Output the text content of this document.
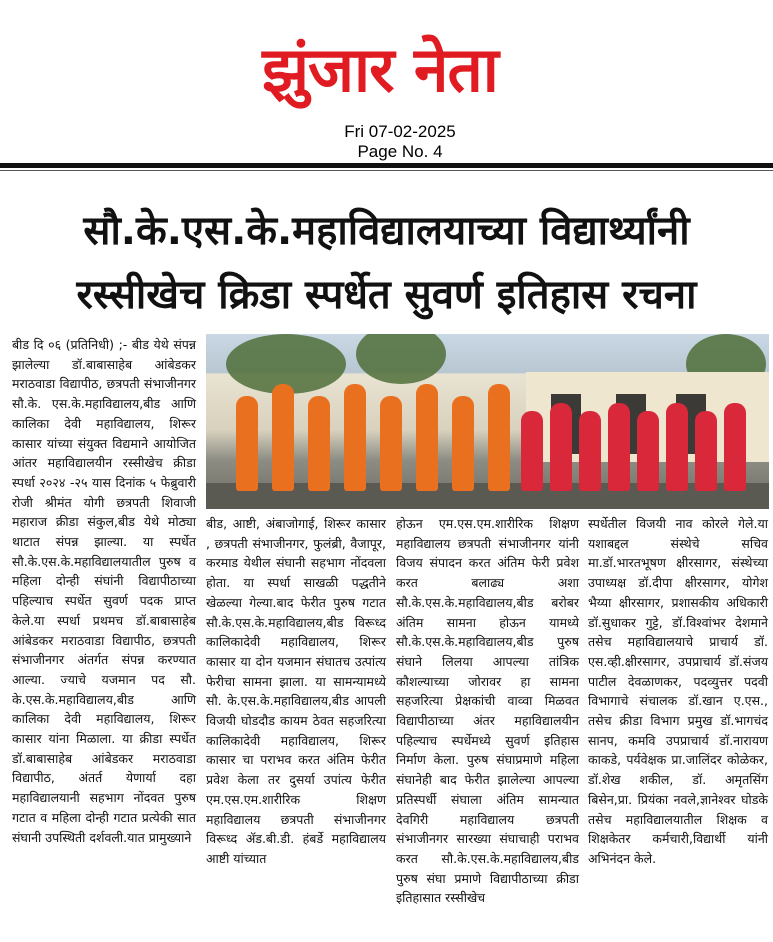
झुंजार नेता
Fri 07-02-2025
Page No. 4
सौ.के.एस.के.महाविद्यालयाच्या विद्यार्थ्यांनी
रस्सीखेच क्रिडा स्पर्धेत सुवर्ण इतिहास रचना

बीड दि ०६ (प्रतिनिधी) ;- बीड येथे संपन्न झालेल्या डॉ.बाबासाहेब आंबेडकर मराठवाडा विद्यापीठ, छत्रपती संभाजीनगर सौ.के. एस.के.महाविद्यालय,बीड आणि कालिका देवी महाविद्यालय, शिरूर कासार यांच्या संयुक्त विद्यमाने आयोजित आंतर महाविद्यालयीन रस्सीखेच क्रीडा स्पर्धा २०२४ -२५ यास दिनांक ५ फेब्रुवारी रोजी श्रीमंत योगी छत्रपती शिवाजी महाराज क्रीडा संकुल,बीड येथे मोठ्या थाटात संपन्न झाल्या. या स्पर्धेत सौ.के.एस.के.महाविद्यालयातील पुरुष व महिला दोन्ही संघांनी विद्यापीठाच्या पहिल्याच स्पर्धेत सुवर्ण पदक प्राप्त केले.या स्पर्धा प्रथमच डॉ.बाबासाहेब आंबेडकर मराठवाडा विद्यापीठ, छत्रपती संभाजीनगर अंतर्गत संपन्न करण्यात आल्या. ज्याचे यजमान पद सौ. के.एस.के.महाविद्यालय,बीड आणि कालिका देवी महाविद्यालय, शिरूर कासार यांना मिळाला. या क्रीडा स्पर्धेत डॉ.बाबासाहेब आंबेडकर मराठवाडा विद्यापीठ, अंतर्त येणार्या दहा महाविद्यालयानी सहभाग नोंदवत पुरुष गटात व महिला दोन्ही गटात प्रत्येकी सात संघानी उपस्थिती दर्शवली.यात प्रामुख्याने

बीड, आष्टी, अंबाजोगाई, शिरूर कासार , छत्रपती संभाजीनगर, फुलंब्री, वैजापूर, करमाड येथील संघानी सहभाग नोंदवला होता. या स्पर्धा साखळी पद्धतीने खेळल्या गेल्या.बाद फेरीत पुरुष गटात सौ.के.एस.के.महाविद्यालय,बीड विरूध्द कालिकादेवी महाविद्यालय, शिरूर कासार या दोन यजमान संघातच उत्पांत्य फेरीचा सामना झाला. या सामन्यामध्ये सौ. के.एस.के.महाविद्यालय,बीड आपली विजयी घोडदौड कायम ठेवत सहजरित्या कालिकादेवी महाविद्यालय, शिरूर कासार चा पराभव करत अंतिम फेरीत प्रवेश केला तर दुसर्या उपांत्य फेरीत एम.एस.एम.शारीरिक शिक्षण महाविद्यालय छत्रपती संभाजीनगर विरूध्द ॲड.बी.डी. हंबर्डे महाविद्यालय आष्टी यांच्यात

होऊन एम.एस.एम.शारीरिक शिक्षण महाविद्यालय छत्रपती संभाजीनगर यांनी विजय संपादन करत अंतिम फेरी प्रवेश करत बलाढ्य अशा सौ.के.एस.के.महाविद्यालय,बीड बरोबर अंतिम सामना होऊन यामध्ये सौ.के.एस.के.महाविद्यालय,बीड पुरुष संघाने लिलया आपल्या तांत्रिक कौशल्याच्या जोरावर हा सामना सहजरित्या प्रेक्षकांची वाव्वा मिळवत विद्यापीठाच्या अंतर महाविद्यालयीन पहिल्याच स्पर्धेमध्ये सुवर्ण इतिहास निर्माण केला. पुरुष संघाप्रमाणे महिला संघानेही बाद फेरीत झालेल्या आपल्या प्रतिस्पर्धी संघाला अंतिम सामन्यात देवगिरी महाविद्यालय छत्रपती संभाजीनगर सारख्या संघाचाही पराभव करत सौ.के.एस.के.महाविद्यालय,बीड पुरुष संघा प्रमाणे विद्यापीठाच्या क्रीडा इतिहासात रस्सीखेच

स्पर्धेतील विजयी नाव कोरले गेले.या यशाबद्दल संस्थेचे सचिव मा.डॉ.भारतभूषण क्षीरसागर, संस्थेच्या उपाध्यक्ष डॉ.दीपा क्षीरसागर, योगेश भैय्या क्षीरसागर, प्रशासकीय अधिकारी डॉ.सुधाकर गुट्टे, डॉ.विश्वांभर देशमाने तसेच महाविद्यालयाचे प्राचार्य डॉ. एस.व्ही.क्षीरसागर, उपप्राचार्य डॉ.संजय पाटील देवळाणकर, पदव्युत्तर पदवी विभागाचे संचालक डॉ.खान ए.एस., तसेच क्रीडा विभाग प्रमुख डॉ.भागचंद सानप, कमवि उपप्राचार्य डॉ.नारायण काकडे, पर्यवेक्षक प्रा.जालिंदर कोळेकर, डॉ.शेख शकील, डॉ. अमृतसिंग बिसेन,प्रा. प्रियंका नवले,ज्ञानेश्वर घोडके तसेच महाविद्यालयातील शिक्षक व शिक्षकेतर कर्मचारी,विद्यार्थी यांनी अभिनंदन केले.
